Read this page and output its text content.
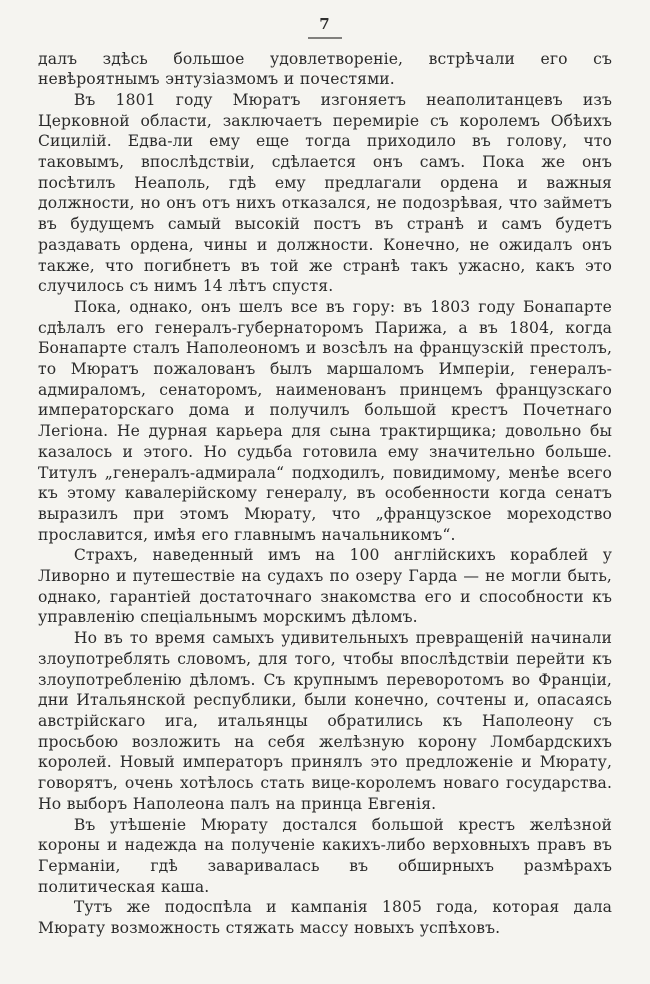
7

далъ здѣсь большое удовлетвореніе, встрѣчали его съ невѣроятнымъ энтузіазмомъ и почестями.

Въ 1801 году Мюратъ изгоняетъ неаполитанцевъ изъ Церковной области, заключаетъ перемиріе съ королемъ Обѣихъ Сицилій. Едва-ли ему еще тогда приходило въ голову, что таковымъ, впослѣдствіи, сдѣлается онъ самъ. Пока же онъ посѣтилъ Неаполь, гдѣ ему предлагали ордена и важныя должности, но онъ отъ нихъ отказался, не подозрѣвая, что займетъ въ будущемъ самый высокій постъ въ странѣ и самъ будетъ раздавать ордена, чины и должности. Конечно, не ожидалъ онъ также, что погибнетъ въ той же странѣ такъ ужасно, какъ это случилось съ нимъ 14 лѣтъ спустя.

Пока, однако, онъ шелъ все въ гору: въ 1803 году Бонапарте сдѣлалъ его генералъ-губернаторомъ Парижа, а въ 1804, когда Бонапарте сталъ Наполеономъ и возсѣлъ на французскій престолъ, то Мюратъ пожалованъ былъ маршаломъ Имперіи, генералъ-адмираломъ, сенаторомъ, наименованъ принцемъ французскаго императорскаго дома и получилъ большой крестъ Почетнаго Легіона. Не дурная карьера для сына трактирщика; довольно бы казалось и этого. Но судьба готовила ему значительно больше. Титулъ „генералъ-адмирала“ подходилъ, повидимому, менѣе всего къ этому кавалерійскому генералу, въ особенности когда сенатъ выразилъ при этомъ Мюрату, что „французское мореходство прославится, имѣя его главнымъ начальникомъ“.

Страхъ, наведенный имъ на 100 англійскихъ кораблей у Ливорно и путешествіе на судахъ по озеру Гарда — не могли быть, однако, гарантіей достаточнаго знакомства его и способности къ управленію спеціальнымъ морскимъ дѣломъ.

Но въ то время самыхъ удивительныхъ превращеній начинали злоупотреблять словомъ, для того, чтобы впослѣдствіи перейти къ злоупотребленію дѣломъ. Съ крупнымъ переворотомъ во Франціи, дни Итальянской республики, были конечно, сочтены и, опасаясь австрійскаго ига, итальянцы обратились къ Наполеону съ просьбою возложить на себя желѣзную корону Ломбардскихъ королей. Новый императоръ принялъ это предложеніе и Мюрату, говорятъ, очень хотѣлось стать вице-королемъ новаго государства. Но выборъ Наполеона палъ на принца Евгенія.

Въ утѣшеніе Мюрату достался большой крестъ желѣзной короны и надежда на полученіе какихъ-либо верховныхъ правъ въ Германіи, гдѣ заваривалась въ обширныхъ размѣрахъ политическая каша.

Тутъ же подоспѣла и кампанія 1805 года, которая дала Мюрату возможность стяжать массу новыхъ успѣховъ.
